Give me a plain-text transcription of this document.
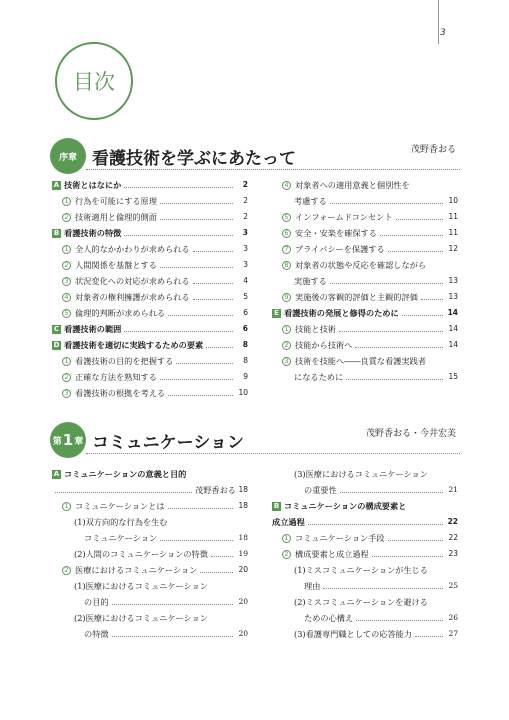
3
目次
序章 看護技術を学ぶにあたって	茂野香おる
A 技術とはなにか	2
1 行為を可能にする原理	2
2 技術適用と倫理的側面	2
B 看護技術の特徴	3
1 全人的なかかわりが求められる	3
2 人間関係を基盤とする	3
3 状況変化への対応が求められる	4
4 対象者の権利擁護が求められる	5
5 倫理的判断が求められる	6
C 看護技術の範囲	6
D 看護技術を適切に実践するための要素	8
1 看護技術の目的を把握する	8
2 正確な方法を熟知する	9
3 看護技術の根拠を考える	10
4 対象者への適用意義と個別性を
考慮する	10
5 インフォームドコンセント	11
6 安全・安楽を確保する	11
7 プライバシーを保護する	12
8 対象者の状態や反応を確認しながら
実施する	13
9 実施後の客観的評価と主観的評価	13
E 看護技術の発展と修得のために	14
1 技能と技術	14
2 技能から技術へ	14
3 技術を技能へ――良質な看護実践者
になるために	15
第 1 章 コミュニケーション	茂野香おる・今井宏美
A コミュニケーションの意義と目的
茂野香おる 18
1 コミュニケーションとは	18
(1) 双方向的な行為を生む
コミュニケーション	18
(2) 人間のコミュニケーションの特徴	19
2 医療におけるコミュニケーション	20
(1) 医療におけるコミュニケーション
の目的	20
(2) 医療におけるコミュニケーション
の特徴	20
(3) 医療におけるコミュニケーション
の重要性	21
B コミュニケーションの構成要素と
成立過程	22
1 コミュニケーション手段	22
2 構成要素と成立過程	23
(1) ミスコミュニケーションが生じる
理由	25
(2) ミスコミュニケーションを避ける
ための心構え	26
(3) 看護専門職としての応答能力	27
